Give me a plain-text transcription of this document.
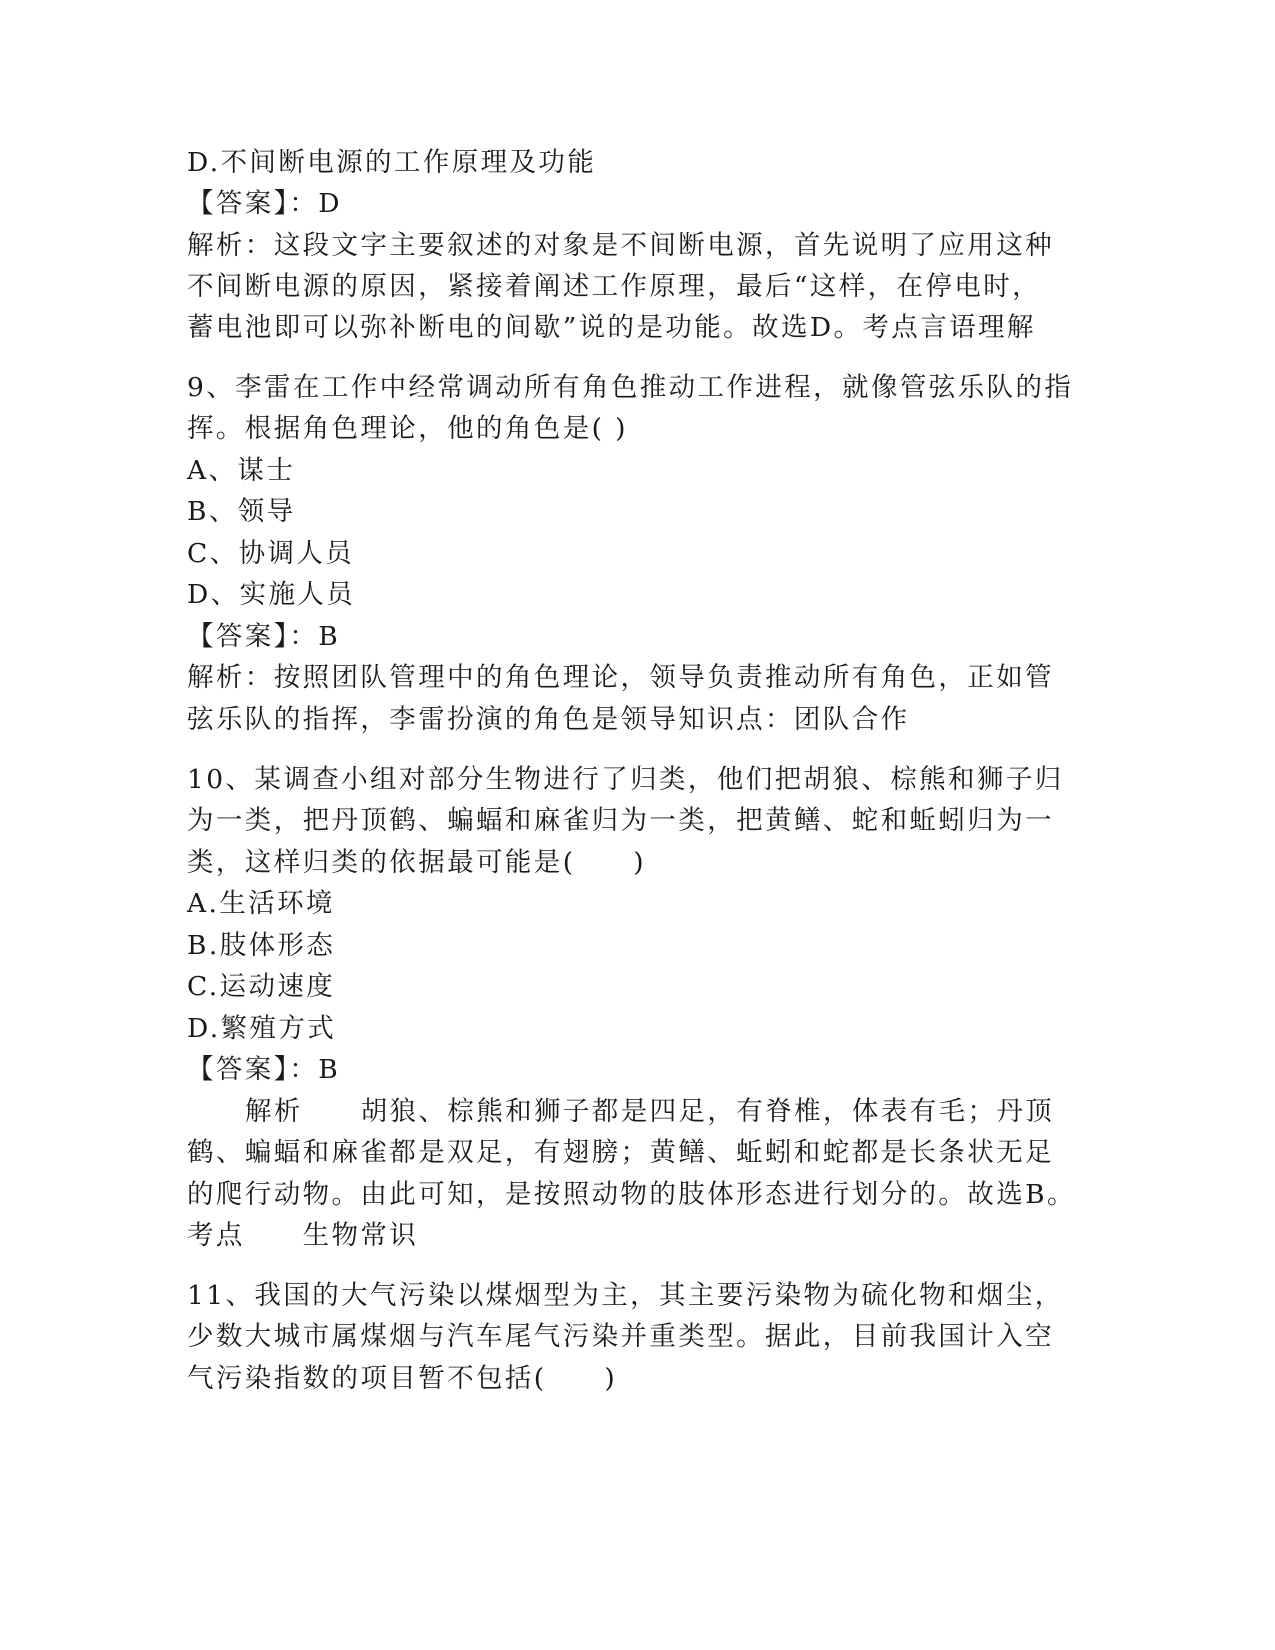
D.不间断电源的工作原理及功能
【答案】：D
解析：这段文字主要叙述的对象是不间断电源，首先说明了应用这种
不间断电源的原因，紧接着阐述工作原理，最后“这样，在停电时，
蓄电池即可以弥补断电的间歇”说的是功能。故选D。考点言语理解
9、李雷在工作中经常调动所有角色推动工作进程，就像管弦乐队的指
挥。根据角色理论，他的角色是( )
A、谋士
B、领导
C、协调人员
D、实施人员
【答案】：B
解析：按照团队管理中的角色理论，领导负责推动所有角色，正如管
弦乐队的指挥，李雷扮演的角色是领导知识点：团队合作
10、某调查小组对部分生物进行了归类，他们把胡狼、棕熊和狮子归
为一类，把丹顶鹤、蝙蝠和麻雀归为一类，把黄鳝、蛇和蚯蚓归为一
类，这样归类的依据最可能是(　　)
A.生活环境
B.肢体形态
C.运动速度
D.繁殖方式
【答案】：B
解析　　胡狼、棕熊和狮子都是四足，有脊椎，体表有毛；丹顶
鹤、蝙蝠和麻雀都是双足，有翅膀；黄鳝、蚯蚓和蛇都是长条状无足
的爬行动物。由此可知，是按照动物的肢体形态进行划分的。故选B。
考点　　生物常识
11、我国的大气污染以煤烟型为主，其主要污染物为硫化物和烟尘，
少数大城市属煤烟与汽车尾气污染并重类型。据此，目前我国计入空
气污染指数的项目暂不包括(　　)
